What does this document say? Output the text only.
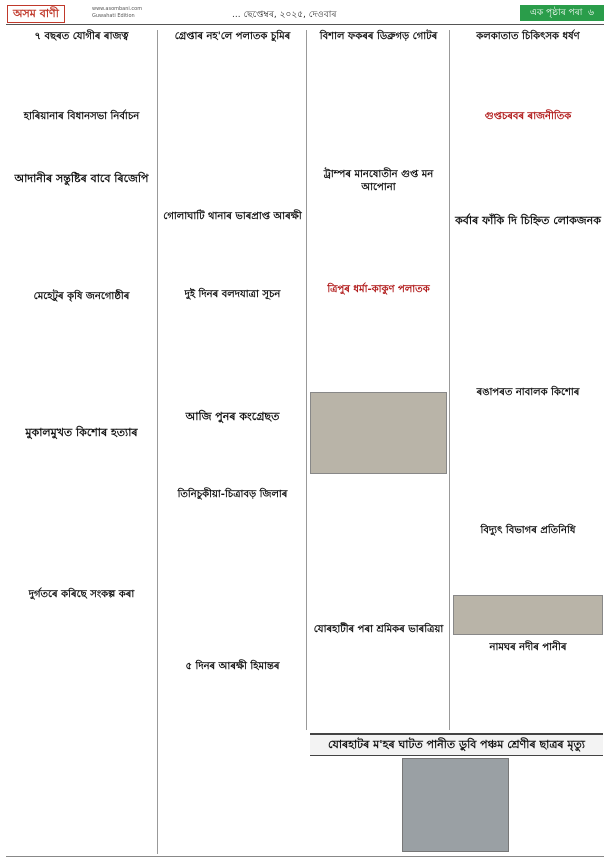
অসম বাণী	www.asombani.com
Guwahati Edition	... ছেপ্তেম্বৰ, ২০২৫, দেওবাৰ	এক পৃষ্ঠাৰ পৰা ৬
৭ বছৰত যোগীৰ ৰাজত্ব
হাৰিয়ানাৰ বিধানসভা নিৰ্বাচন
আদানীৰ সন্তুষ্টিৰ বাবে ৰিজেপি
মেহেটুৰ কৃষি জনগোষ্ঠীৰ
মুকালমুখত কিশোৰ হত্যাৰ
দুৰ্গতৰে কৰিছে সংকল্প কৰা
গ্ৰেপ্তাৰ নহ'লে পলাতক চুমিৰ
গোলাঘাটি থানাৰ ভাৰপ্ৰাপ্ত আৰক্ষী
দুই দিনৰ বলদযাত্ৰা সূচন
আজি পুনৰ কংগ্ৰেছত
তিনিচুকীয়া-চিত্ৰাবড় জিলাৰ
৫ দিনৰ আৰক্ষী হিমান্তৰ
বিশাল ফকৰৰ ডিব্ৰুগড় গোটৰ
ট্ৰাম্পৰ মানষোতীন গুপ্ত মন আপোনা
ত্ৰিপুৰ ধৰ্মা-কাকুণ পলাতক
যোৰহাটীৰ পৰা শ্ৰমিকৰ ভাৰত্ৰিয়া
কলকাতাত চিকিৎসক ধৰ্ষণ
গুপ্তচৰবৰ ৰাজনীতিক
কৰ্বাৰ ফাঁকি দি চিহ্নিত লোকজনক
ৰঙাপৰত নাবালক কিশোৰ
বিদ্যুৎ বিভাগৰ প্ৰতিনিধি
নামঘৰ নদীৰ পানীৰ
যোৰহাটৰ ম'হৰ ঘাটত পানীত ডুবি পঞ্চম শ্ৰেণীৰ ছাত্ৰৰ মৃত্যু
